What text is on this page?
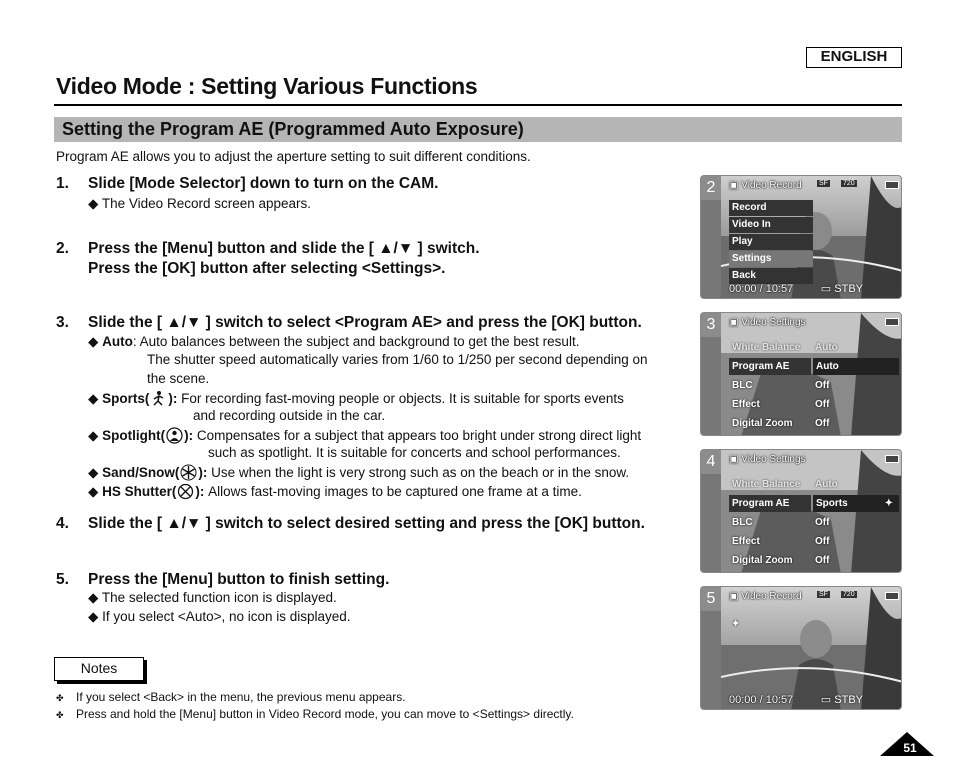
ENGLISH
Video Mode : Setting Various Functions
Setting the Program AE (Programmed Auto Exposure)

Program AE allows you to adjust the aperture setting to suit different conditions.

1. Slide [Mode Selector] down to turn on the CAM.
◆ The Video Record screen appears.
2. Press the [Menu] button and slide the [ ▲/▼ ] switch.
Press the [OK] button after selecting <Settings>.
3. Slide the [ ▲/▼ ] switch to select <Program AE> and press the [OK] button.
◆ Auto: Auto balances between the subject and background to get the best result.
The shutter speed automatically varies from 1/60 to 1/250 per second depending on
the scene.
◆ Sports( ): For recording fast-moving people or objects. It is suitable for sports events
and recording outside in the car.
◆ Spotlight( ): Compensates for a subject that appears too bright under strong direct light
such as spotlight. It is suitable for concerts and school performances.
◆ Sand/Snow( ): Use when the light is very strong such as on the beach or in the snow.
◆ HS Shutter( ): Allows fast-moving images to be captured one frame at a time.
4. Slide the [ ▲/▼ ] switch to select desired setting and press the [OK] button.
5. Press the [Menu] button to finish setting.
◆ The selected function icon is displayed.
◆ If you select <Auto>, no icon is displayed.
Notes
✤ If you select <Back> in the menu, the previous menu appears.
✤ Press and hold the [Menu] button in Video Record mode, you can move to <Settings> directly.
51
2	▣ Video Record SF 720
Record
Video In
Play
Settings
Back
00:00 / 10:57	▭ STBY
3	▣ Video Settings
White Balance Auto
Program AE	Auto
BLC	Off
Effect	Off
Digital Zoom Off
4	▣ Video Settings
White Balance Auto
Program AE	Sports	✦
BLC	Off
Effect	Off
Digital Zoom Off
5	▣ Video Record SF 720
✦
00:00 / 10:57	▭ STBY
